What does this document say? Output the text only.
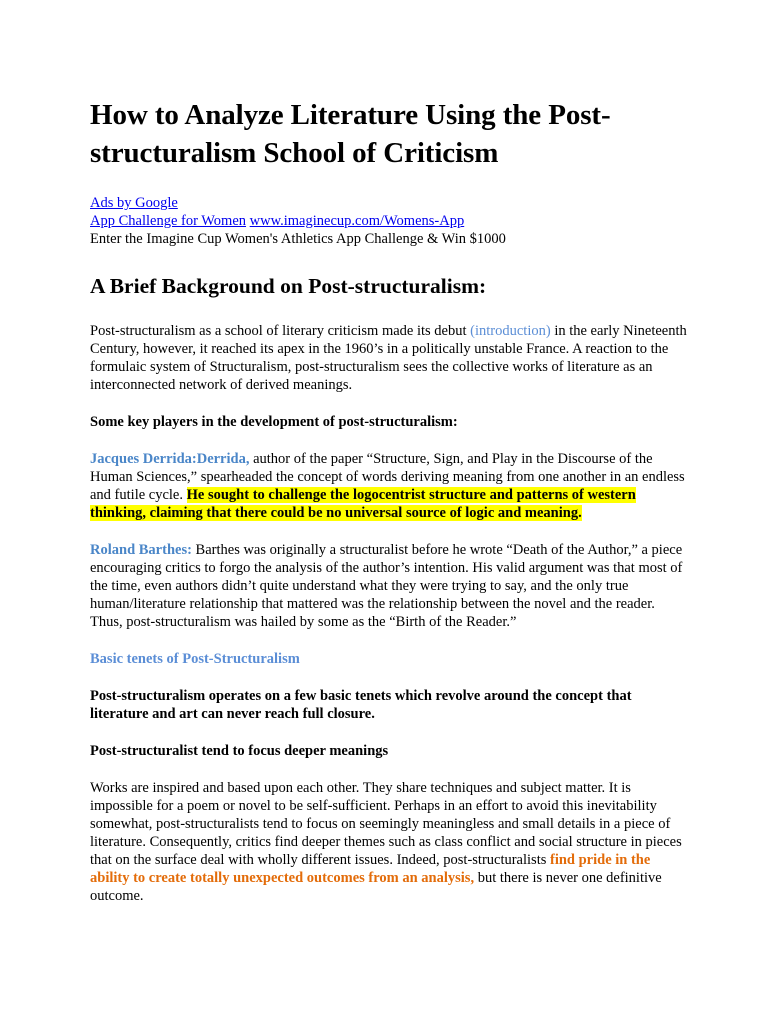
How to Analyze Literature Using the Post-structuralism School of Criticism
Ads by Google
App Challenge for Women www.imaginecup.com/Womens-App
Enter the Imagine Cup Women's Athletics App Challenge & Win $1000
A Brief Background on Post-structuralism:

Post-structuralism as a school of literary criticism made its debut (introduction) in the early Nineteenth Century, however, it reached its apex in the 1960’s in a politically unstable France. A reaction to the formulaic system of Structuralism, post-structuralism sees the collective works of literature as an interconnected network of derived meanings.

Some key players in the development of post-structuralism:

Jacques Derrida:Derrida, author of the paper “Structure, Sign, and Play in the Discourse of the Human Sciences,” spearheaded the concept of words deriving meaning from one another in an endless and futile cycle. He sought to challenge the logocentrist structure and patterns of western thinking, claiming that there could be no universal source of logic and meaning.

Roland Barthes: Barthes was originally a structuralist before he wrote “Death of the Author,” a piece encouraging critics to forgo the analysis of the author’s intention. His valid argument was that most of the time, even authors didn’t quite understand what they were trying to say, and the only true human/literature relationship that mattered was the relationship between the novel and the reader. Thus, post-structuralism was hailed by some as the “Birth of the Reader.”

Basic tenets of Post-Structuralism

Post-structuralism operates on a few basic tenets which revolve around the concept that literature and art can never reach full closure.

Post-structuralist tend to focus deeper meanings

Works are inspired and based upon each other. They share techniques and subject matter. It is impossible for a poem or novel to be self-sufficient. Perhaps in an effort to avoid this inevitability somewhat, post-structuralists tend to focus on seemingly meaningless and small details in a piece of literature. Consequently, critics find deeper themes such as class conflict and social structure in pieces that on the surface deal with wholly different issues. Indeed, post-structuralists find pride in the ability to create totally unexpected outcomes from an analysis, but there is never one definitive outcome.
